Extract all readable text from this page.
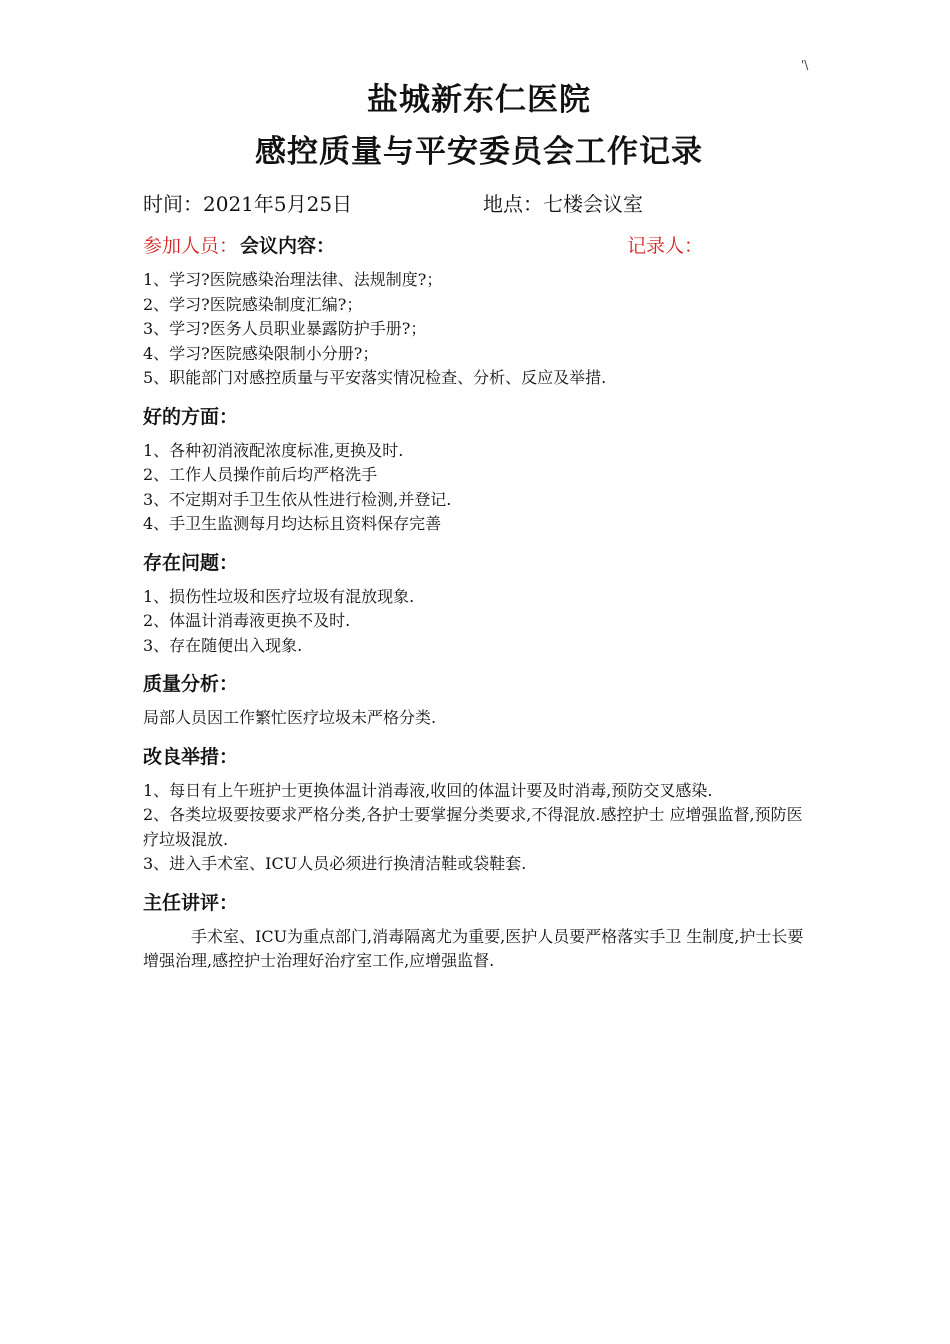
'\
盐城新东仁医院
感控质量与平安委员会工作记录
时间：2021年5月25日	地点：七楼会议室
参加人员： 会议内容：	记录人：

1、学习?医院感染治理法律、法规制度?；

2、学习?医院感染制度汇编?；

3、学习?医务人员职业暴露防护手册?；

4、学习?医院感染限制小分册?；

5、职能部门对感控质量与平安落实情况检查、分析、反应及举措.

好的方面：

1、各种初消液配浓度标准,更换及时.

2、工作人员操作前后均严格洗手

3、不定期对手卫生依从性进行检测,并登记.

4、手卫生监测每月均达标且资料保存完善

存在问题：

1、损伤性垃圾和医疗垃圾有混放现象.

2、体温计消毒液更换不及时.

3、存在随便出入现象.

质量分析：

局部人员因工作繁忙医疗垃圾未严格分类.

改良举措：

1、每日有上午班护士更换体温计消毒液,收回的体温计要及时消毒,预防交叉感染.

2、各类垃圾要按要求严格分类,各护士要掌握分类要求,不得混放.感控护士 应增强监督,预防医疗垃圾混放.

3、进入手术室、ICU人员必须进行换清洁鞋或袋鞋套.

主任讲评：

手术室、ICU为重点部门,消毒隔离尤为重要,医护人员要严格落实手卫 生制度,护士长要增强治理,感控护士治理好治疗室工作,应增强监督.
